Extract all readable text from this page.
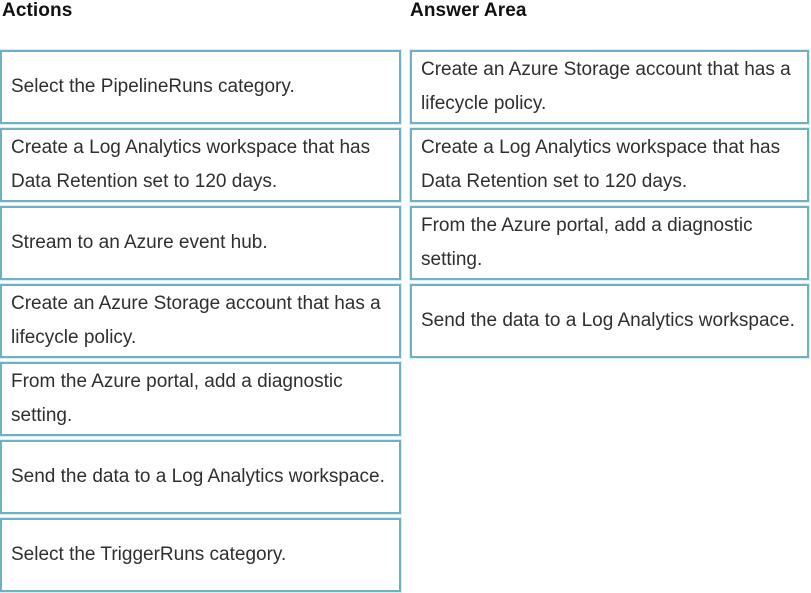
Actions	Answer Area
Select the PipelineRuns category.
Create a Log Analytics workspace that has Data Retention set to 120 days.
Stream to an Azure event hub.
Create an Azure Storage account that has a lifecycle policy.
From the Azure portal, add a diagnostic setting.
Send the data to a Log Analytics workspace.
Select the TriggerRuns category.
Create an Azure Storage account that has a lifecycle policy.
Create a Log Analytics workspace that has Data Retention set to 120 days.
From the Azure portal, add a diagnostic setting.
Send the data to a Log Analytics workspace.
